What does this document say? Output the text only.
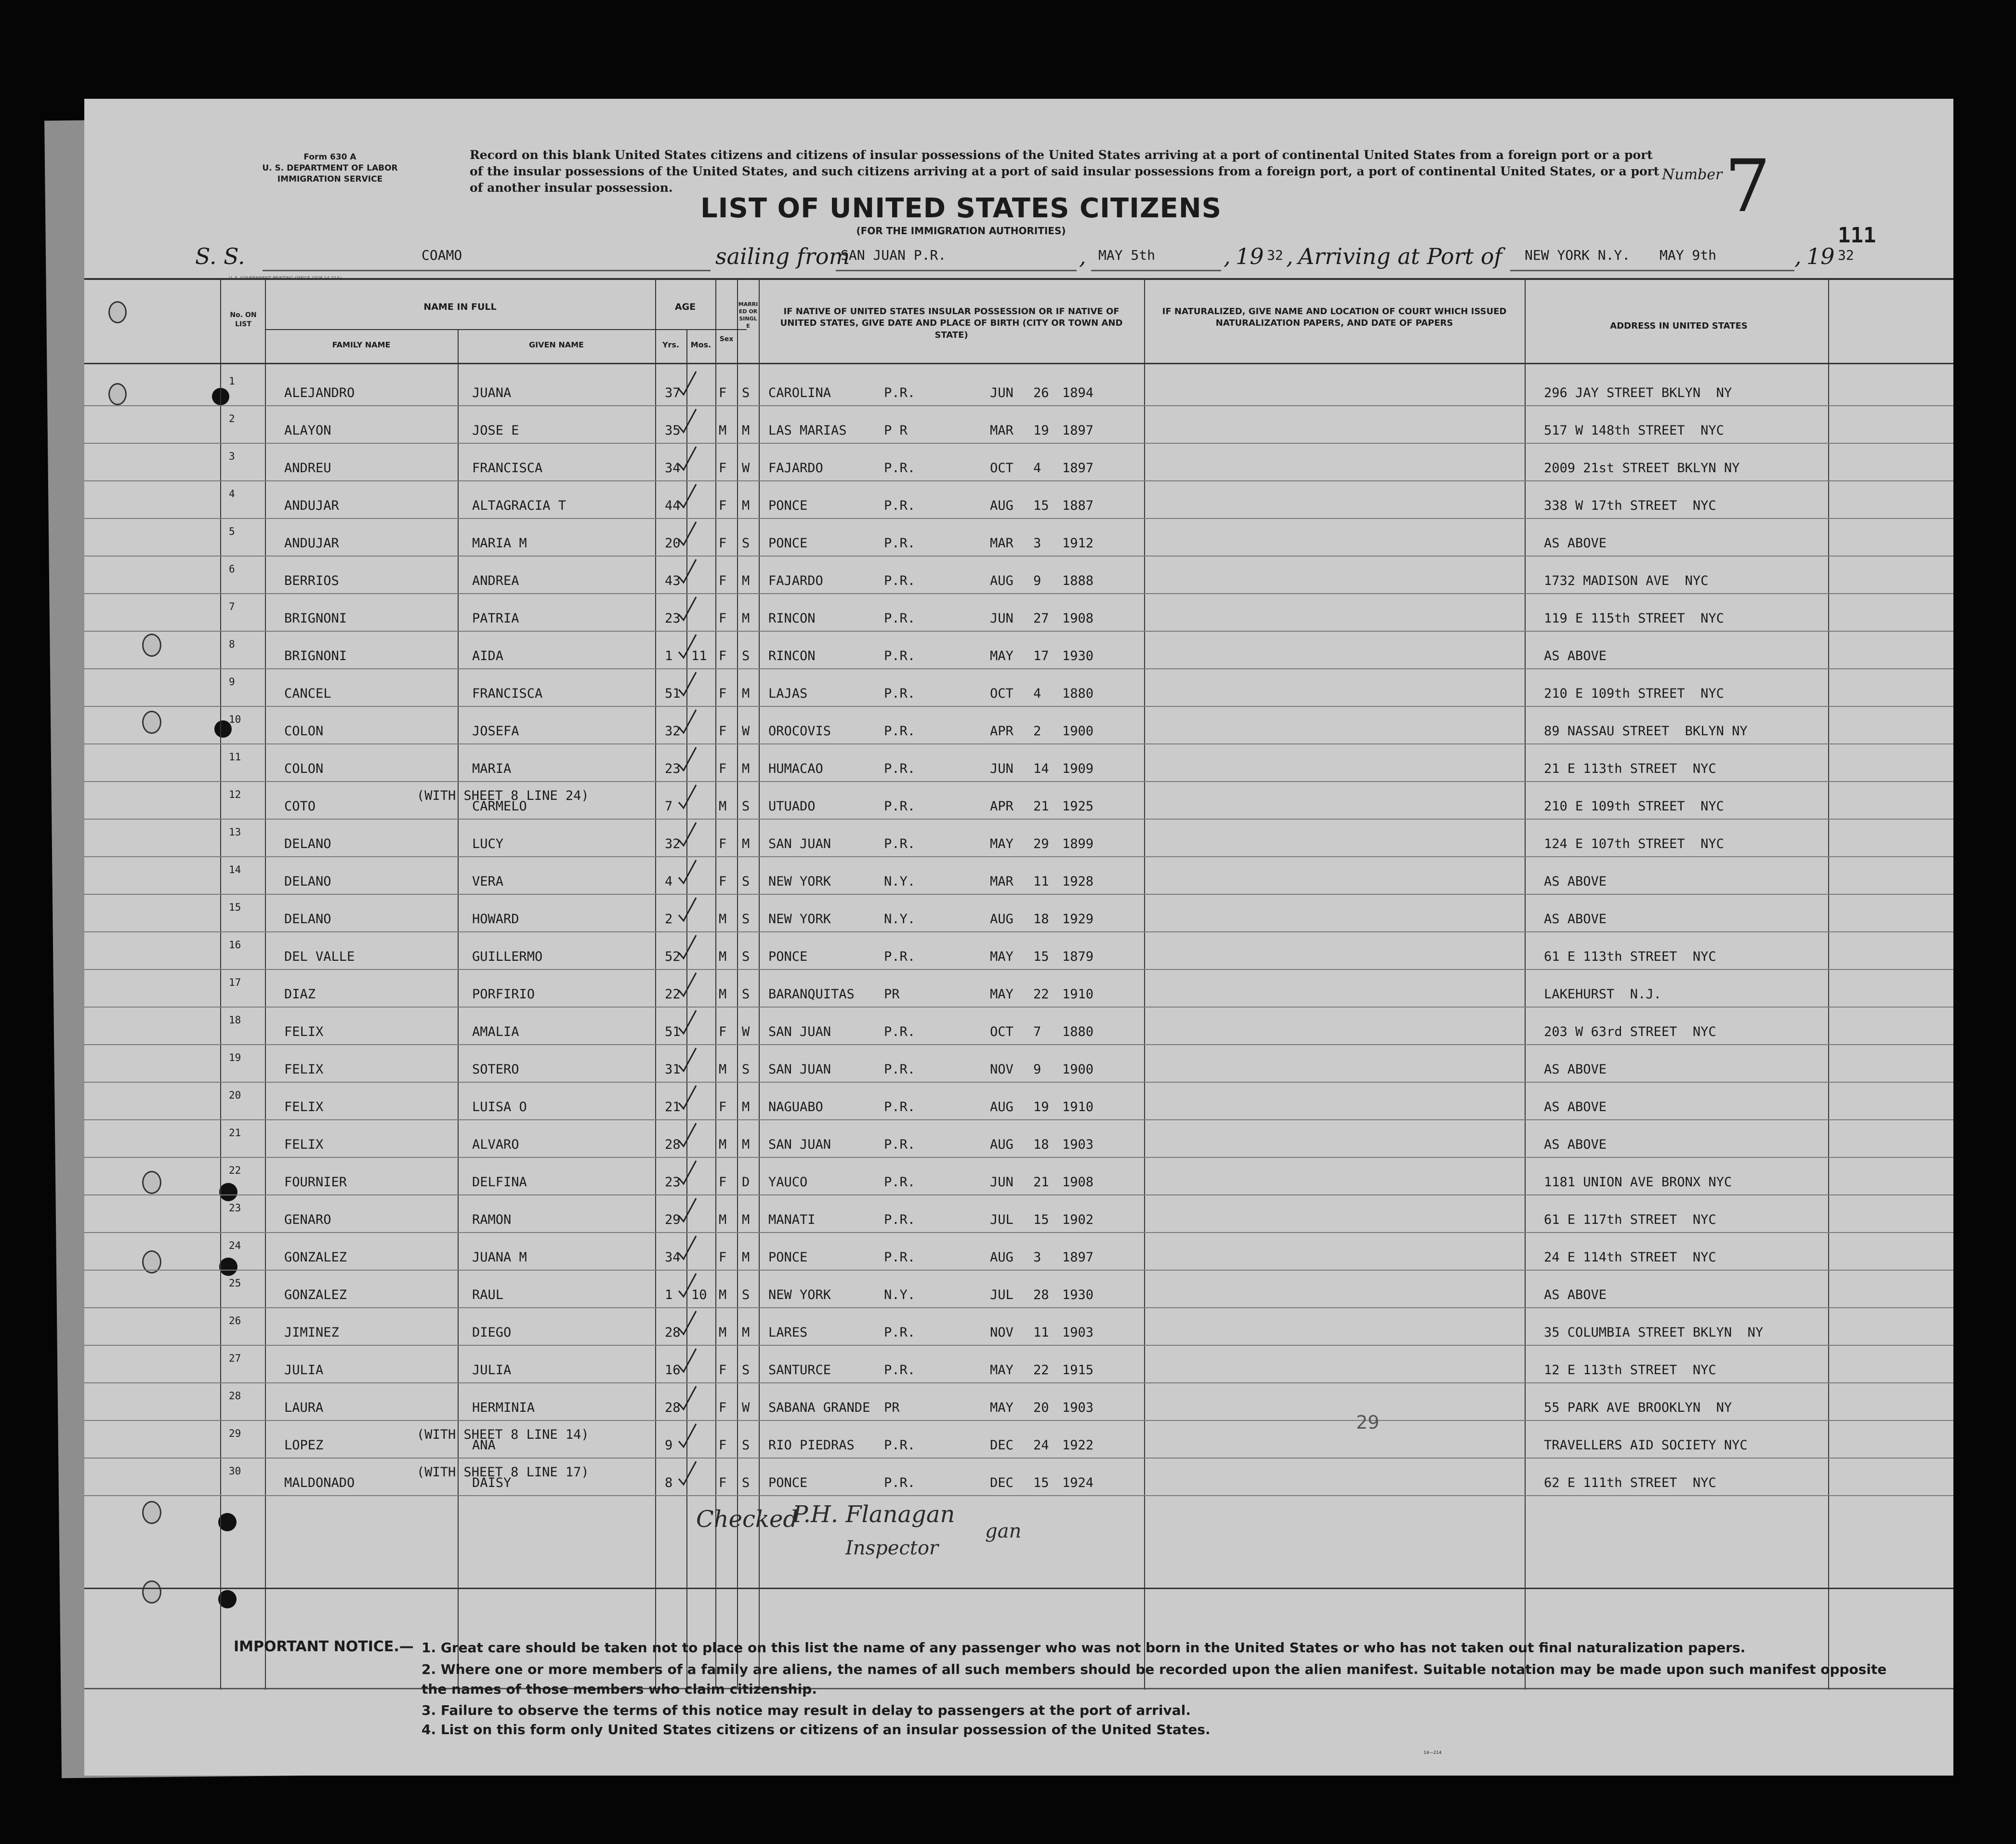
Form 630 A
U. S. DEPARTMENT OF LABOR
IMMIGRATION SERVICE
Record on this blank United States citizens and citizens of insular possessions of the United States arriving at a port of continental United States from a foreign port or a port of the insular possessions of the United States, and such citizens arriving at a port of said insular possessions from a foreign port, a port of continental United States, or a port of another insular possession.
Number 7
LIST OF UNITED STATES CITIZENS
(FOR THE IMMIGRATION AUTHORITIES)	111
S. S.	COAMO	sailing from
SAN JUAN P.R.	, MAY 5th	, 19 32 , Arriving at Port of NEW YORK N.Y. MAY 9th	, 19 32
No. ON LIST
NAME IN FULL
FAMILY NAME	GIVEN NAME
AGE
Yrs.	Mos.
Sex
MARRIED OR SINGLE
IF NATIVE OF UNITED STATES INSULAR POSSESSION OR IF NATIVE OF UNITED STATES, GIVE DATE AND PLACE OF BIRTH (CITY OR TOWN AND STATE)
IF NATURALIZED, GIVE NAME AND LOCATION OF COURT WHICH ISSUED NATURALIZATION PAPERS, AND DATE OF PAPERS	ADDRESS IN UNITED STATES
1
ALEJANDRO	JUANA	37	F S CAROLINA	P.R.	JUN 26 1894	296 JAY STREET BKLYN  NY
2
ALAYON	JOSE E	35	M M LAS MARIAS	P R	MAR 19 1897	517 W 148th STREET  NYC
3
ANDREU	FRANCISCA	34	F W FAJARDO	P.R.	OCT 4 1897	2009 21st STREET BKLYN NY
4
ANDUJAR	ALTAGRACIA T	44	F M PONCE	P.R.	AUG 15 1887	338 W 17th STREET  NYC
5
ANDUJAR	MARIA M	20	F S PONCE	P.R.	MAR 3 1912	AS ABOVE
6
BERRIOS	ANDREA	43	F M FAJARDO	P.R.	AUG 9 1888	1732 MADISON AVE  NYC
7
BRIGNONI	PATRIA	23	F M RINCON	P.R.	JUN 27 1908	119 E 115th STREET  NYC
8
BRIGNONI	AIDA	1 11 F S RINCON	P.R.	MAY 17 1930	AS ABOVE
9
CANCEL	FRANCISCA	51	F M LAJAS	P.R.	OCT 4 1880	210 E 109th STREET  NYC
10
COLON	JOSEFA	32	F W OROCOVIS	P.R.	APR 2 1900	89 NASSAU STREET  BKLYN NY
11
COLON	MARIA	23	F M HUMACAO	P.R.	JUN 14 1909	21 E 113th STREET  NYC
12
COTO	CARMELO	7	M S UTUADO	P.R.	APR 21 1925	210 E 109th STREET  NYC
(WITH SHEET 8 LINE 24)
13
DELANO	LUCY	32	F M SAN JUAN	P.R.	MAY 29 1899	124 E 107th STREET  NYC
14
DELANO	VERA	4	F S NEW YORK	N.Y.	MAR 11 1928	AS ABOVE
15
DELANO	HOWARD	2	M S NEW YORK	N.Y.	AUG 18 1929	AS ABOVE
16
DEL VALLE	GUILLERMO	52	M S PONCE	P.R.	MAY 15 1879	61 E 113th STREET  NYC
17
DIAZ	PORFIRIO	22	M S BARANQUITAS PR	MAY 22 1910	LAKEHURST  N.J.
18
FELIX	AMALIA	51	F W SAN JUAN	P.R.	OCT 7 1880	203 W 63rd STREET  NYC
19
FELIX	SOTERO	31	M S SAN JUAN	P.R.	NOV 9 1900	AS ABOVE
20
FELIX	LUISA O	21	F M NAGUABO	P.R.	AUG 19 1910	AS ABOVE
21
FELIX	ALVARO	28	M M SAN JUAN	P.R.	AUG 18 1903	AS ABOVE
22
FOURNIER	DELFINA	23	F D YAUCO	P.R.	JUN 21 1908	1181 UNION AVE BRONX NYC
23
GENARO	RAMON	29	M M MANATI	P.R.	JUL 15 1902	61 E 117th STREET  NYC
24
GONZALEZ	JUANA M	34	F M PONCE	P.R.	AUG 3 1897	24 E 114th STREET  NYC
25
GONZALEZ	RAUL	1 10 M S NEW YORK	N.Y.	JUL 28 1930	AS ABOVE
26
JIMINEZ	DIEGO	28	M M LARES	P.R.	NOV 11 1903	35 COLUMBIA STREET BKLYN  NY
27
JULIA	JULIA	16	F S SANTURCE	P.R.	MAY 22 1915	12 E 113th STREET  NYC
28
LAURA	HERMINIA	28	F W SABANA GRANDE PR	MAY 20 1903	55 PARK AVE BROOKLYN  NY
29
LOPEZ	ANA	9	F S RIO PIEDRAS P.R.	DEC 24 1922	TRAVELLERS AID SOCIETY NYC
(WITH SHEET 8 LINE 14)
30
MALDONADO	DAISY	8	F S PONCE	P.R.	DEC 15 1924	62 E 111th STREET  NYC
(WITH SHEET 8 LINE 17)
29
Checked
P.H. Flanagan
Inspector
gan
IMPORTANT NOTICE.— 1. Great care should be taken not to place on this list the name of any passenger who was not born in the United States or who has not taken out final naturalization papers.
2. Where one or more members of a family are aliens, the names of all such members should be recorded upon the alien manifest. Suitable notation may be made upon such manifest opposite the names of those members who claim citizenship.
3. Failure to observe the terms of this notice may result in delay to passengers at the port of arrival.
4. List on this form only United States citizens or citizens of an insular possession of the United States.
14—214
